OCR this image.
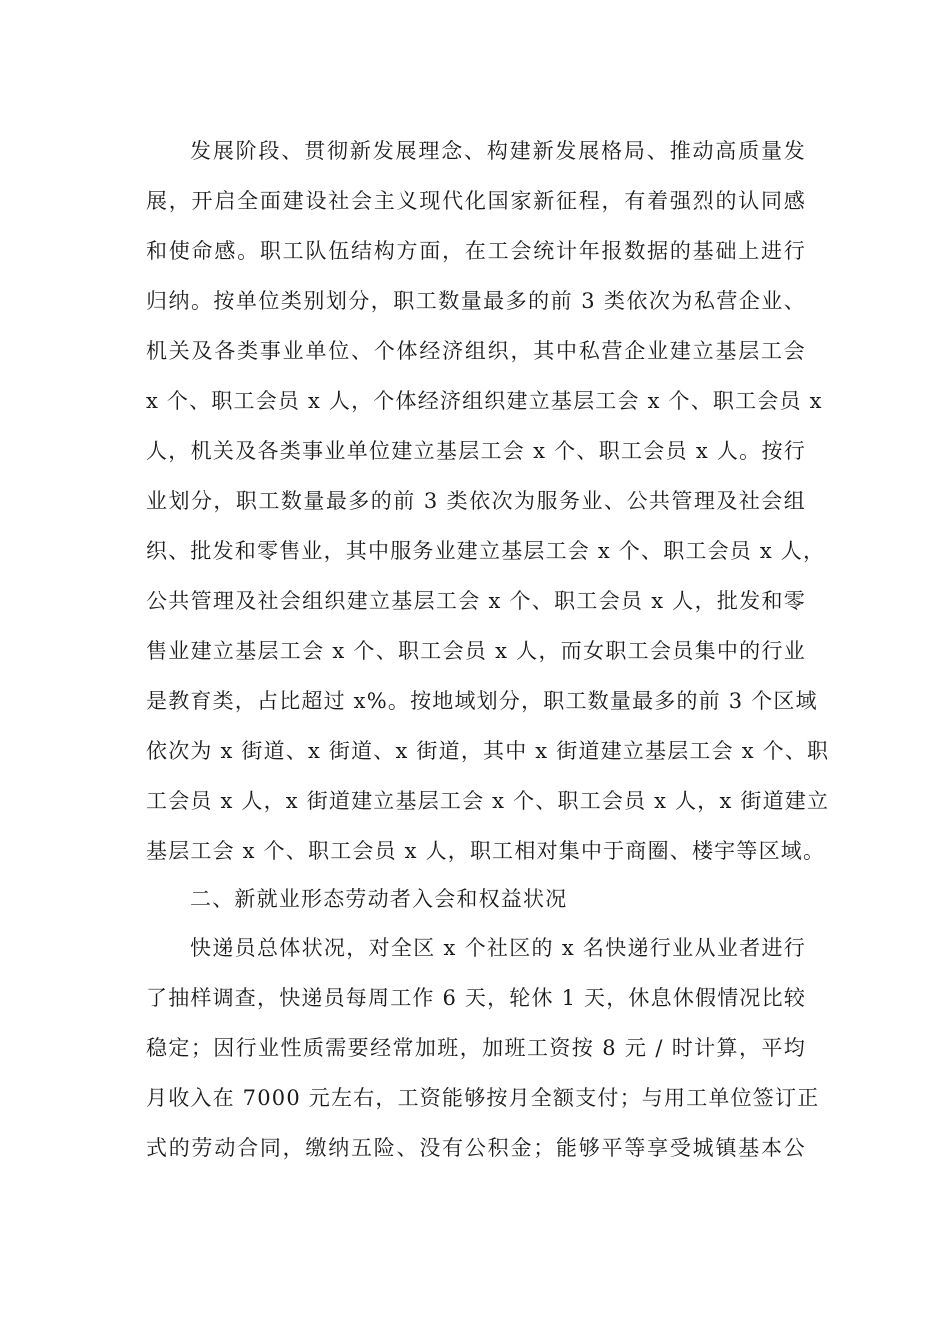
发展阶段、贯彻新发展理念、构建新发展格局、推动高质量发
展，开启全面建设社会主义现代化国家新征程，有着强烈的认同感
和使命感。职工队伍结构方面，在工会统计年报数据的基础上进行
归纳。按单位类别划分，职工数量最多的前 3 类依次为私营企业、
机关及各类事业单位、个体经济组织，其中私营企业建立基层工会
x 个、职工会员 x 人，个体经济组织建立基层工会 x 个、职工会员 x
人，机关及各类事业单位建立基层工会 x 个、职工会员 x 人。按行
业划分，职工数量最多的前 3 类依次为服务业、公共管理及社会组
织、批发和零售业，其中服务业建立基层工会 x 个、职工会员 x 人，
公共管理及社会组织建立基层工会 x 个、职工会员 x 人，批发和零
售业建立基层工会 x 个、职工会员 x 人，而女职工会员集中的行业
是教育类，占比超过 x%。按地域划分，职工数量最多的前 3 个区域
依次为 x 街道、x 街道、x 街道，其中 x 街道建立基层工会 x 个、职
工会员 x 人，x 街道建立基层工会 x 个、职工会员 x 人，x 街道建立
基层工会 x 个、职工会员 x 人，职工相对集中于商圈、楼宇等区域。
二、新就业形态劳动者入会和权益状况
快递员总体状况，对全区 x 个社区的 x 名快递行业从业者进行
了抽样调查，快递员每周工作 6 天，轮休 1 天，休息休假情况比较
稳定；因行业性质需要经常加班，加班工资按 8 元 / 时计算，平均
月收入在 7000 元左右，工资能够按月全额支付；与用工单位签订正
式的劳动合同，缴纳五险、没有公积金；能够平等享受城镇基本公
